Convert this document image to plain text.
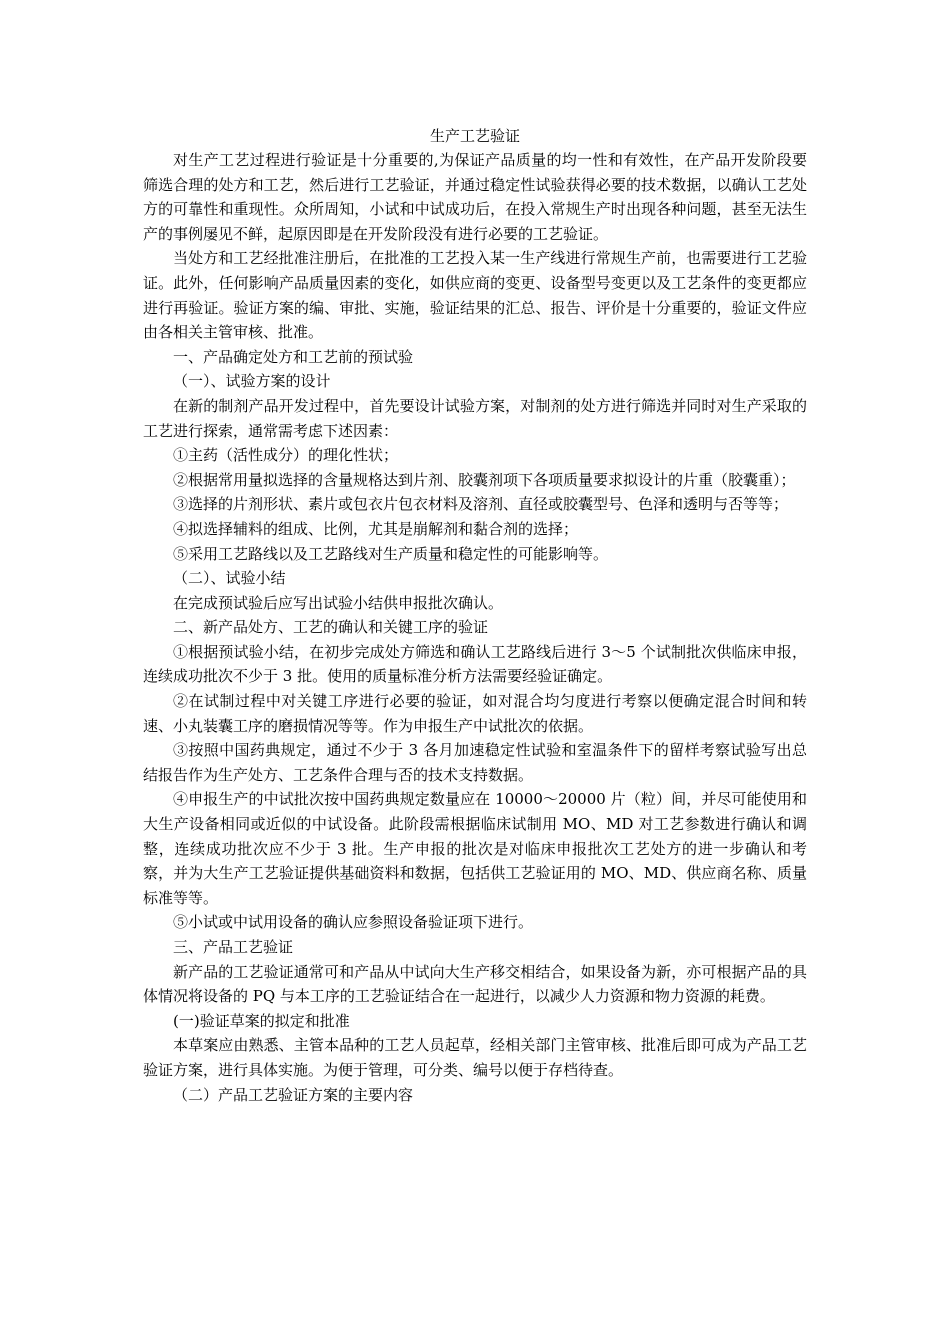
生产工艺验证

对生产工艺过程进行验证是十分重要的,为保证产品质量的均一性和有效性，在产品开发阶段要筛选合理的处方和工艺，然后进行工艺验证，并通过稳定性试验获得必要的技术数据，以确认工艺处方的可靠性和重现性。众所周知，小试和中试成功后，在投入常规生产时出现各种问题，甚至无法生产的事例屡见不鲜，起原因即是在开发阶段没有进行必要的工艺验证。

当处方和工艺经批准注册后，在批准的工艺投入某一生产线进行常规生产前，也需要进行工艺验证。此外，任何影响产品质量因素的变化，如供应商的变更、设备型号变更以及工艺条件的变更都应进行再验证。验证方案的编、审批、实施，验证结果的汇总、报告、评价是十分重要的，验证文件应由各相关主管审核、批准。

一、产品确定处方和工艺前的预试验

（一）、试验方案的设计

在新的制剂产品开发过程中，首先要设计试验方案，对制剂的处方进行筛选并同时对生产采取的工艺进行探索，通常需考虑下述因素：

①主药（活性成分）的理化性状；

②根据常用量拟选择的含量规格达到片剂、胶囊剂项下各项质量要求拟设计的片重（胶囊重）；

③选择的片剂形状、素片或包衣片包衣材料及溶剂、直径或胶囊型号、色泽和透明与否等等；

④拟选择辅料的组成、比例，尤其是崩解剂和黏合剂的选择；

⑤采用工艺路线以及工艺路线对生产质量和稳定性的可能影响等。

（二）、试验小结

在完成预试验后应写出试验小结供申报批次确认。

二、新产品处方、工艺的确认和关键工序的验证

①根据预试验小结，在初步完成处方筛选和确认工艺路线后进行 3～5 个试制批次供临床申报，连续成功批次不少于 3 批。使用的质量标准分析方法需要经验证确定。

②在试制过程中对关键工序进行必要的验证，如对混合均匀度进行考察以便确定混合时间和转速、小丸装囊工序的磨损情况等等。作为申报生产中试批次的依据。

③按照中国药典规定，通过不少于 3 各月加速稳定性试验和室温条件下的留样考察试验写出总结报告作为生产处方、工艺条件合理与否的技术支持数据。

④申报生产的中试批次按中国药典规定数量应在 10000～20000 片（粒）间，并尽可能使用和大生产设备相同或近似的中试设备。此阶段需根据临床试制用 MO、MD 对工艺参数进行确认和调整，连续成功批次应不少于 3 批。生产申报的批次是对临床申报批次工艺处方的进一步确认和考察，并为大生产工艺验证提供基础资料和数据，包括供工艺验证用的 MO、MD、供应商名称、质量标准等等。

⑤小试或中试用设备的确认应参照设备验证项下进行。

三、产品工艺验证

新产品的工艺验证通常可和产品从中试向大生产移交相结合，如果设备为新，亦可根据产品的具体情况将设备的 PQ 与本工序的工艺验证结合在一起进行，以减少人力资源和物力资源的耗费。

(一)验证草案的拟定和批准

本草案应由熟悉、主管本品种的工艺人员起草，经相关部门主管审核、批准后即可成为产品工艺验证方案，进行具体实施。为便于管理，可分类、编号以便于存档待查。

（二）产品工艺验证方案的主要内容
